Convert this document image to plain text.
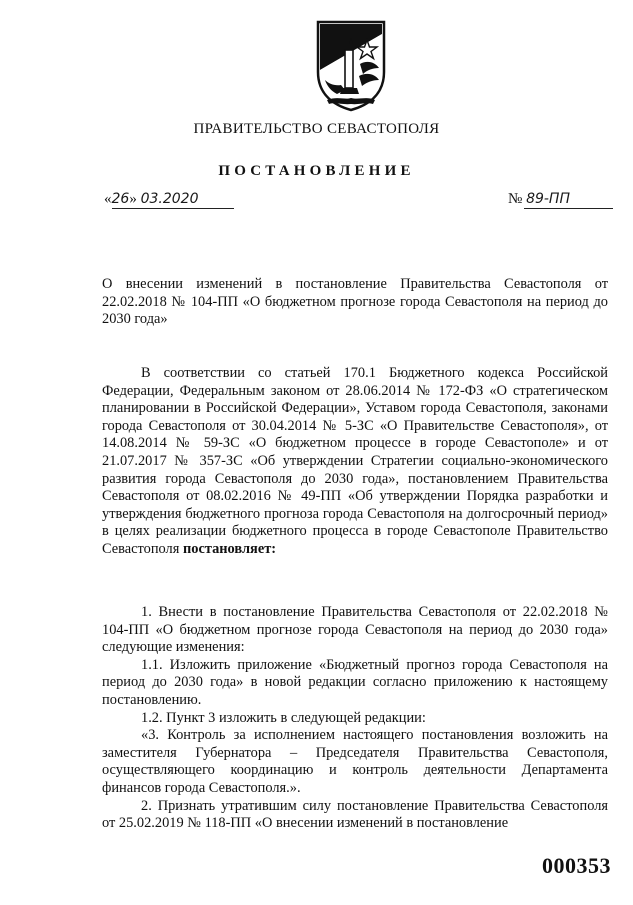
ПРАВИТЕЛЬСТВО СЕВАСТОПОЛЯ
ПОСТАНОВЛЕНИЕ
«26» 03.2020	№ 89-ПП

О внесении изменений в постановление Правительства Севастополя от 22.02.2018 № 104-ПП «О бюджетном прогнозе города Севастополя на период до 2030 года»

В соответствии со статьей 170.1 Бюджетного кодекса Российской Федерации, Федеральным законом от 28.06.2014 № 172-ФЗ «О стратегическом планировании в Российской Федерации», Уставом города Севастополя, законами города Севастополя от 30.04.2014 № 5-ЗС «О Правительстве Севастополя», от 14.08.2014 № 59-ЗС «О бюджетном процессе в городе Севастополе» и от 21.07.2017 № 357-ЗС «Об утверждении Стратегии социально-экономического развития города Севастополя до 2030 года», постановлением Правительства Севастополя от 08.02.2016 № 49-ПП «Об утверждении Порядка разработки и утверждения бюджетного прогноза города Севастополя на долгосрочный период» в целях реализации бюджетного процесса в городе Севастополе Правительство Севастополя постановляет:

1. Внести в постановление Правительства Севастополя от 22.02.2018 № 104-ПП «О бюджетном прогнозе города Севастополя на период до 2030 года» следующие изменения:

1.1. Изложить приложение «Бюджетный прогноз города Севастополя на период до 2030 года» в новой редакции согласно приложению к настоящему постановлению.

1.2. Пункт 3 изложить в следующей редакции:

«3. Контроль за исполнением настоящего постановления возложить на заместителя Губернатора – Председателя Правительства Севастополя, осуществляющего координацию и контроль деятельности Департамента финансов города Севастополя.».

2. Признать утратившим силу постановление Правительства Севастополя от 25.02.2019 № 118-ПП «О внесении изменений в постановление

000353
